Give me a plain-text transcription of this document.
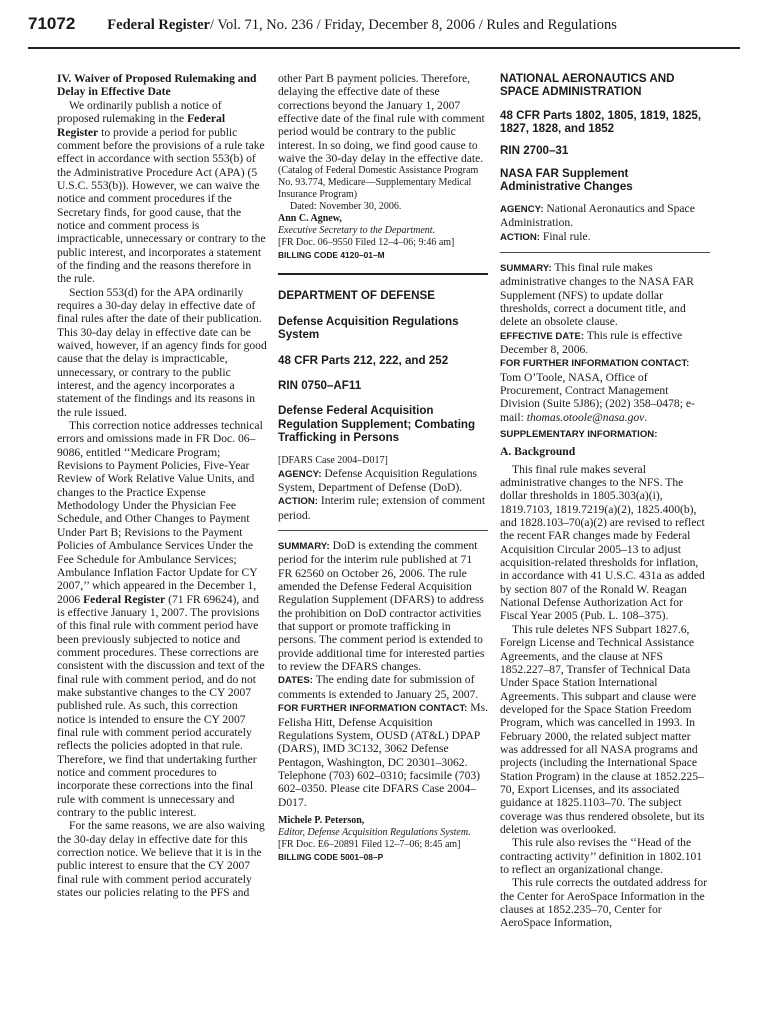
71072 Federal Register / Vol. 71, No. 236 / Friday, December 8, 2006 / Rules and Regulations

IV. Waiver of Proposed Rulemaking and Delay in Effective Date

We ordinarily publish a notice of proposed rulemaking in the Federal Register to provide a period for public comment before the provisions of a rule take effect in accordance with section 553(b) of the Administrative Procedure Act (APA) (5 U.S.C. 553(b)). However, we can waive the notice and comment procedures if the Secretary finds, for good cause, that the notice and comment process is impracticable, unnecessary or contrary to the public interest, and incorporates a statement of the finding and the reasons therefore in the rule.

Section 553(d) for the APA ordinarily requires a 30-day delay in effective date of final rules after the date of their publication. This 30-day delay in effective date can be waived, however, if an agency finds for good cause that the delay is impracticable, unnecessary, or contrary to the public interest, and the agency incorporates a statement of the findings and its reasons in the rule issued.

This correction notice addresses technical errors and omissions made in FR Doc. 06–9086, entitled ‘‘Medicare Program; Revisions to Payment Policies, Five-Year Review of Work Relative Value Units, and changes to the Practice Expense Methodology Under the Physician Fee Schedule, and Other Changes to Payment Under Part B; Revisions to the Payment Policies of Ambulance Services Under the Fee Schedule for Ambulance Services; Ambulance Inflation Factor Update for CY 2007,’’ which appeared in the December 1, 2006 Federal Register (71 FR 69624), and is effective January 1, 2007. The provisions of this final rule with comment period have been previously subjected to notice and comment procedures. These corrections are consistent with the discussion and text of the final rule with comment period, and do not make substantive changes to the CY 2007 published rule. As such, this correction notice is intended to ensure the CY 2007 final rule with comment period accurately reflects the policies adopted in that rule. Therefore, we find that undertaking further notice and comment procedures to incorporate these corrections into the final rule with comment is unnecessary and contrary to the public interest.

For the same reasons, we are also waiving the 30-day delay in effective date for this correction notice. We believe that it is in the public interest to ensure that the CY 2007 final rule with comment period accurately states our policies relating to the PFS and

other Part B payment policies. Therefore, delaying the effective date of these corrections beyond the January 1, 2007 effective date of the final rule with comment period would be contrary to the public interest. In so doing, we find good cause to waive the 30-day delay in the effective date.

(Catalog of Federal Domestic Assistance Program No. 93.774, Medicare—Supplementary Medical Insurance Program)

Dated: November 30, 2006.

Ann C. Agnew,

Executive Secretary to the Department.

[FR Doc. 06–9550 Filed 12–4–06; 9:46 am]

BILLING CODE 4120–01–M

DEPARTMENT OF DEFENSE

Defense Acquisition Regulations System

48 CFR Parts 212, 222, and 252

RIN 0750–AF11

Defense Federal Acquisition Regulation Supplement; Combating Trafficking in Persons

[DFARS Case 2004–D017]

AGENCY: Defense Acquisition Regulations System, Department of Defense (DoD).

ACTION: Interim rule; extension of comment period.

SUMMARY: DoD is extending the comment period for the interim rule published at 71 FR 62560 on October 26, 2006. The rule amended the Defense Federal Acquisition Regulation Supplement (DFARS) to address the prohibition on DoD contractor activities that support or promote trafficking in persons. The comment period is extended to provide additional time for interested parties to review the DFARS changes.

DATES: The ending date for submission of comments is extended to January 25, 2007.

FOR FURTHER INFORMATION CONTACT: Ms. Felisha Hitt, Defense Acquisition Regulations System, OUSD (AT&L) DPAP (DARS), IMD 3C132, 3062 Defense Pentagon, Washington, DC 20301–3062. Telephone (703) 602–0310; facsimile (703) 602–0350. Please cite DFARS Case 2004–D017.

Michele P. Peterson,

Editor, Defense Acquisition Regulations System.

[FR Doc. E6–20891 Filed 12–7–06; 8:45 am]

BILLING CODE 5001–08–P

NATIONAL AERONAUTICS AND SPACE ADMINISTRATION

48 CFR Parts 1802, 1805, 1819, 1825, 1827, 1828, and 1852

RIN 2700–31

NASA FAR Supplement Administrative Changes

AGENCY: National Aeronautics and Space Administration.

ACTION: Final rule.

SUMMARY: This final rule makes administrative changes to the NASA FAR Supplement (NFS) to update dollar thresholds, correct a document title, and delete an obsolete clause.

EFFECTIVE DATE: This rule is effective December 8, 2006.

FOR FURTHER INFORMATION CONTACT: Tom O’Toole, NASA, Office of Procurement, Contract Management Division (Suite 5J86); (202) 358–0478; e-mail: thomas.otoole@nasa.gov.

SUPPLEMENTARY INFORMATION:

A. Background

This final rule makes several administrative changes to the NFS. The dollar thresholds in 1805.303(a)(i), 1819.7103, 1819.7219(a)(2), 1825.400(b), and 1828.103–70(a)(2) are revised to reflect the recent FAR changes made by Federal Acquisition Circular 2005–13 to adjust acquisition-related thresholds for inflation, in accordance with 41 U.S.C. 431a as added by section 807 of the Ronald W. Reagan National Defense Authorization Act for Fiscal Year 2005 (Pub. L. 108–375).

This rule deletes NFS Subpart 1827.6, Foreign License and Technical Assistance Agreements, and the clause at NFS 1852.227–87, Transfer of Technical Data Under Space Station International Agreements. This subpart and clause were developed for the Space Station Freedom Program, which was cancelled in 1993. In February 2000, the related subject matter was addressed for all NASA programs and projects (including the International Space Station Program) in the clause at 1852.225–70, Export Licenses, and its associated guidance at 1825.1103–70. The subject coverage was thus rendered obsolete, but its deletion was overlooked.

This rule also revises the ‘‘Head of the contracting activity’’ definition in 1802.101 to reflect an organizational change.

This rule corrects the outdated address for the Center for AeroSpace Information in the clauses at 1852.235–70, Center for AeroSpace Information,
